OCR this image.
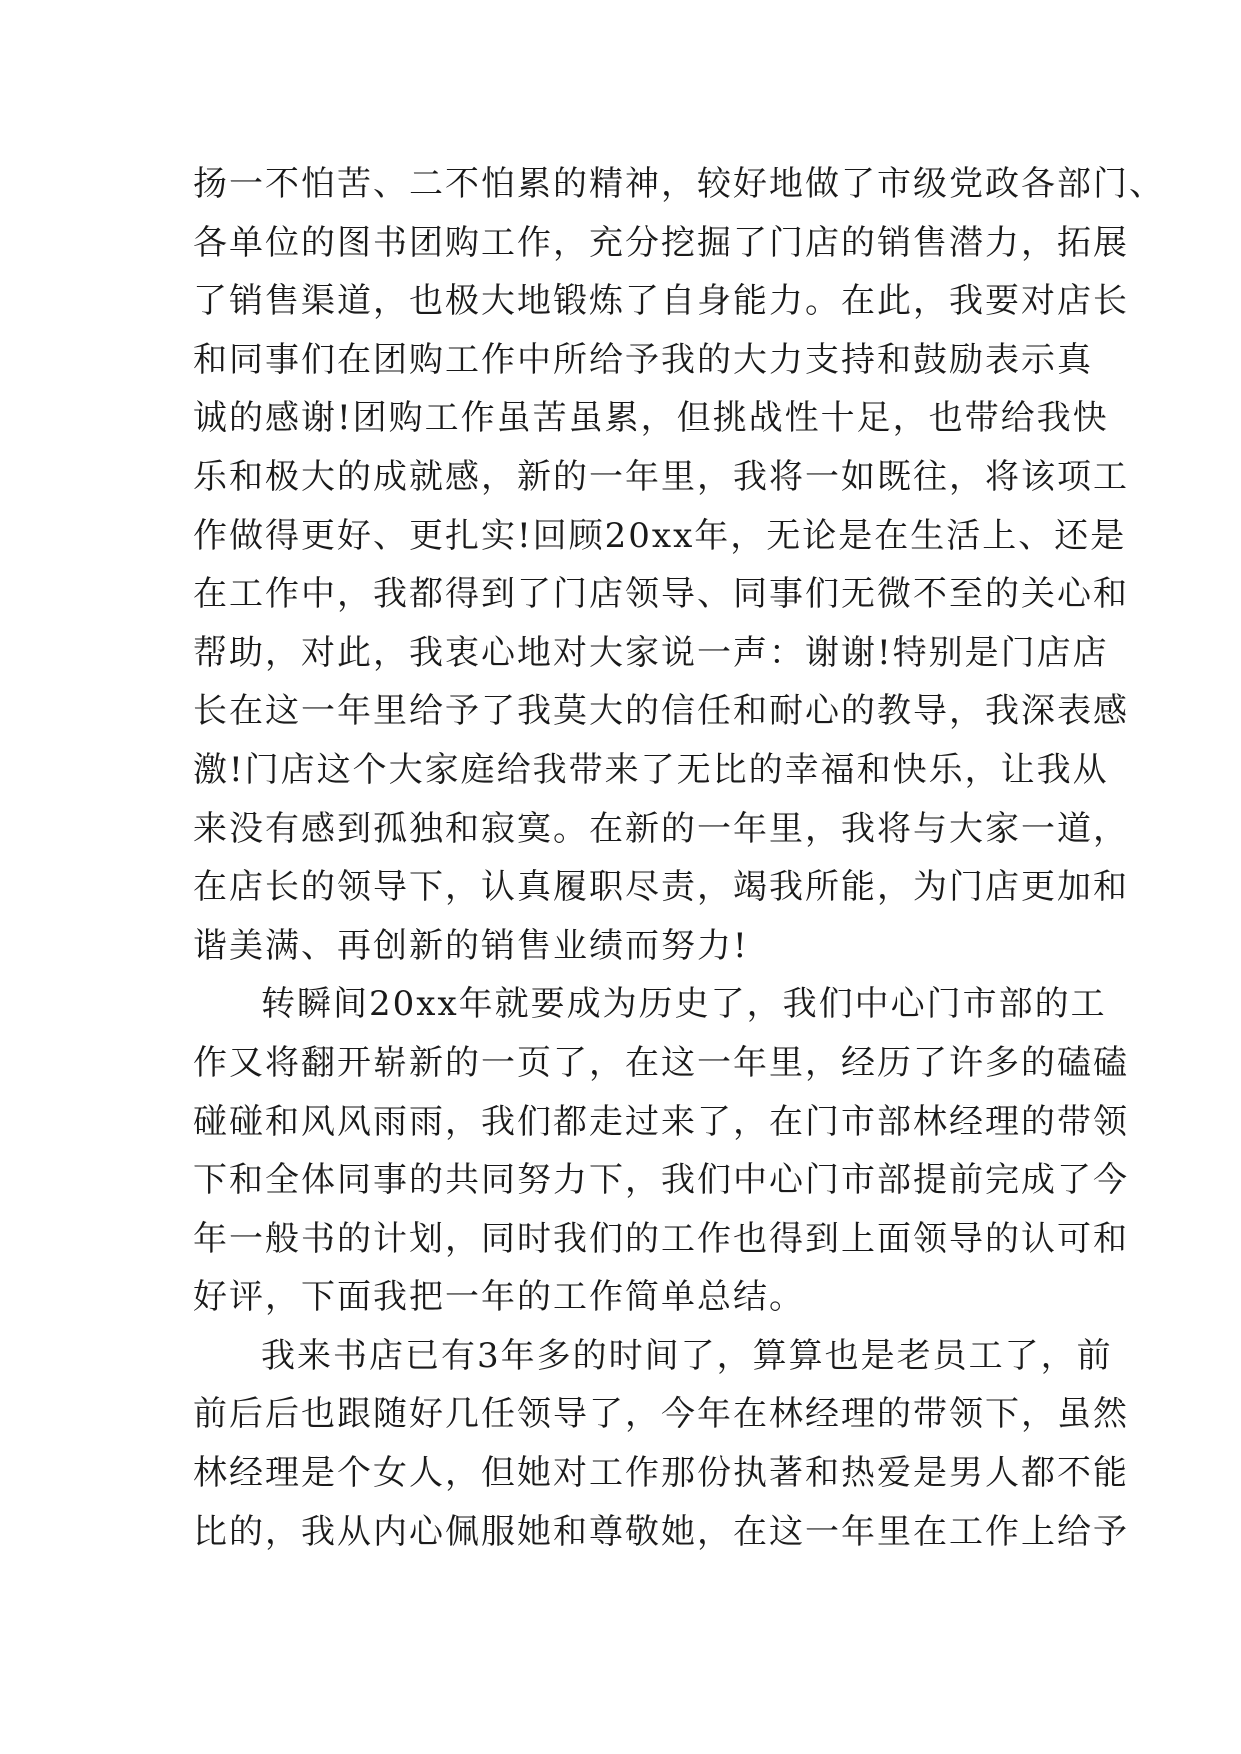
扬一不怕苦、二不怕累的精神，较好地做了市级党政各部门、
各单位的图书团购工作，充分挖掘了门店的销售潜力，拓展
了销售渠道，也极大地锻炼了自身能力。在此，我要对店长
和同事们在团购工作中所给予我的大力支持和鼓励表示真
诚的感谢!团购工作虽苦虽累，但挑战性十足，也带给我快
乐和极大的成就感，新的一年里，我将一如既往，将该项工
作做得更好、更扎实!回顾20xx年，无论是在生活上、还是
在工作中，我都得到了门店领导、同事们无微不至的关心和
帮助，对此，我衷心地对大家说一声：谢谢!特别是门店店
长在这一年里给予了我莫大的信任和耐心的教导，我深表感
激!门店这个大家庭给我带来了无比的幸福和快乐，让我从
来没有感到孤独和寂寞。在新的一年里，我将与大家一道，
在店长的领导下，认真履职尽责，竭我所能，为门店更加和
谐美满、再创新的销售业绩而努力!
转瞬间20xx年就要成为历史了，我们中心门市部的工
作又将翻开崭新的一页了，在这一年里，经历了许多的磕磕
碰碰和风风雨雨，我们都走过来了，在门市部林经理的带领
下和全体同事的共同努力下，我们中心门市部提前完成了今
年一般书的计划，同时我们的工作也得到上面领导的认可和
好评，下面我把一年的工作简单总结。
我来书店已有3年多的时间了，算算也是老员工了，前
前后后也跟随好几任领导了，今年在林经理的带领下，虽然
林经理是个女人，但她对工作那份执著和热爱是男人都不能
比的，我从内心佩服她和尊敬她，在这一年里在工作上给予
